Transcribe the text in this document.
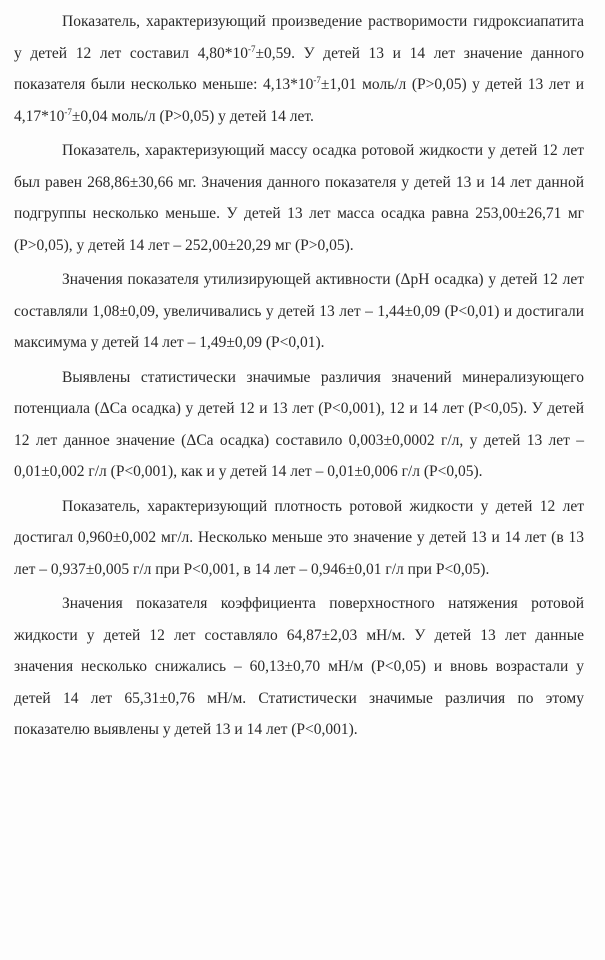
Показатель, характеризующий произведение растворимости гидроксиапатита у детей 12 лет составил $4,80*10^{-7}\pm 0,59$. У детей 13 и 14 лет значение данного показателя были несколько меньше: $4,13*10^{-7}\pm 1,01$ моль/л (P>0,05) у детей 13 лет и $4,17*10^{-7}\pm 0,04$ моль/л (P>0,05) у детей 14 лет.

Показатель, характеризующий массу осадка ротовой жидкости у детей 12 лет был равен 268,86±30,66 мг. Значения данного показателя у детей 13 и 14 лет данной подгруппы несколько меньше. У детей 13 лет масса осадка равна 253,00±26,71 мг (P>0,05), у детей 14 лет – 252,00±20,29 мг (P>0,05).

Значения показателя утилизирующей активности (ΔpH осадка) у детей 12 лет составляли 1,08±0,09, увеличивались у детей 13 лет – 1,44±0,09 (P<0,01) и достигали максимума у детей 14 лет – 1,49±0,09 (P<0,01).

Выявлены статистически значимые различия значений минерализующего потенциала (ΔCa осадка) у детей 12 и 13 лет (P<0,001), 12 и 14 лет (P<0,05). У детей 12 лет данное значение (ΔCa осадка) составило 0,003±0,0002 г/л, у детей 13 лет – 0,01±0,002 г/л (P<0,001), как и у детей 14 лет – 0,01±0,006 г/л (P<0,05).

Показатель, характеризующий плотность ротовой жидкости у детей 12 лет достигал 0,960±0,002 мг/л. Несколько меньше это значение у детей 13 и 14 лет (в 13 лет – 0,937±0,005 г/л при P<0,001, в 14 лет – 0,946±0,01 г/л при P<0,05).

Значения показателя коэффициента поверхностного натяжения ротовой жидкости у детей 12 лет составляло 64,87±2,03 мН/м. У детей 13 лет данные значения несколько снижались – 60,13±0,70 мН/м (P<0,05) и вновь возрастали у детей 14 лет 65,31±0,76 мН/м. Статистически значимые различия по этому показателю выявлены у детей 13 и 14 лет (P<0,001).
